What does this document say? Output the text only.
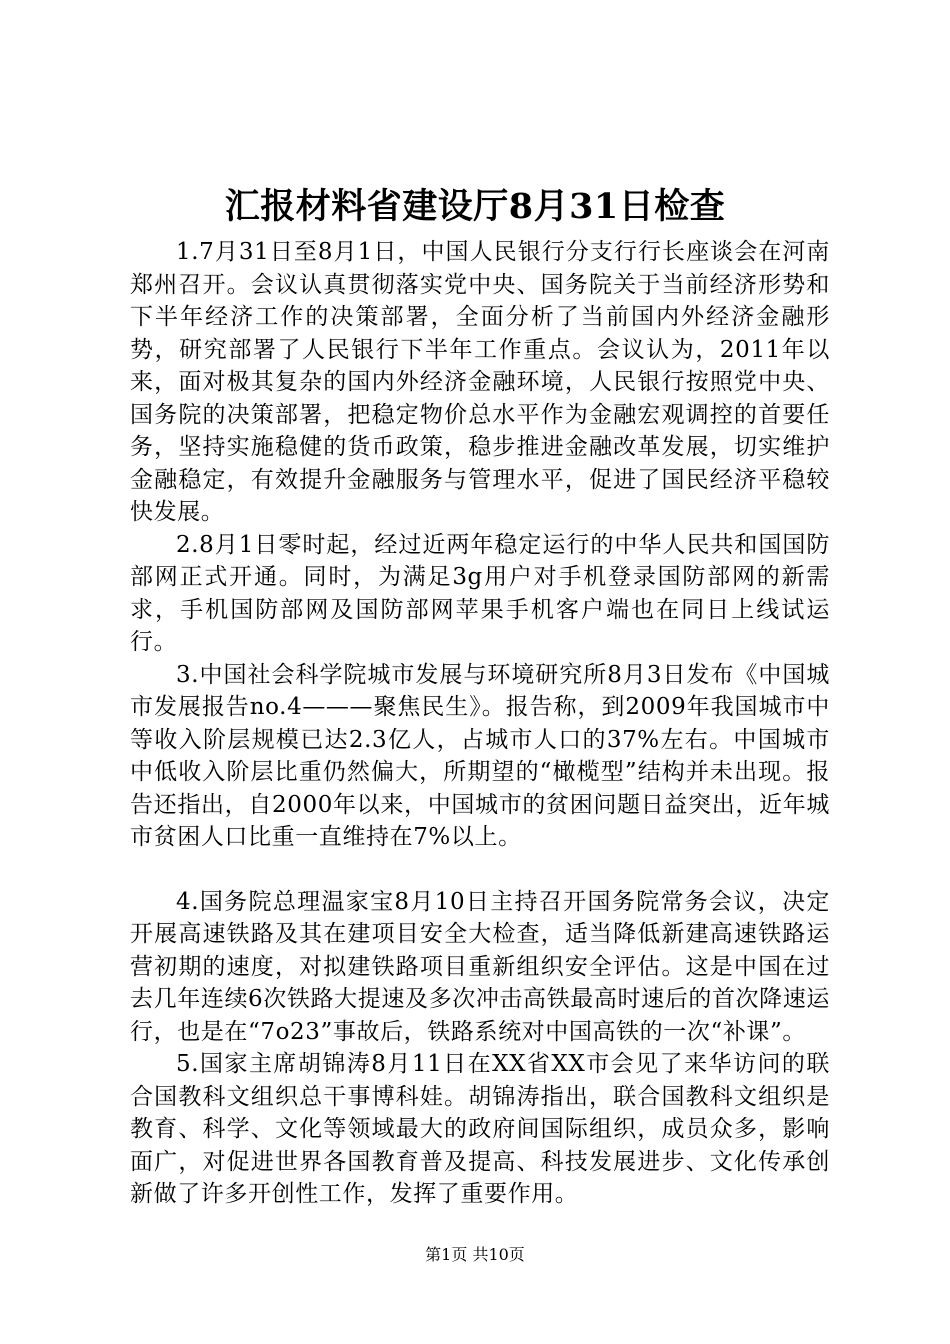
汇报材料省建设厅8月31日检查

1.7月31日至8月1日，中国人民银行分支行行长座谈会在河南郑州召开。会议认真贯彻落实党中央、国务院关于当前经济形势和下半年经济工作的决策部署，全面分析了当前国内外经济金融形势，研究部署了人民银行下半年工作重点。会议认为，2011年以来，面对极其复杂的国内外经济金融环境，人民银行按照党中央、国务院的决策部署，把稳定物价总水平作为金融宏观调控的首要任务，坚持实施稳健的货币政策，稳步推进金融改革发展，切实维护金融稳定，有效提升金融服务与管理水平，促进了国民经济平稳较快发展。

2.8月1日零时起，经过近两年稳定运行的中华人民共和国国防部网正式开通。同时，为满足3g用户对手机登录国防部网的新需求，手机国防部网及国防部网苹果手机客户端也在同日上线试运行。

3.中国社会科学院城市发展与环境研究所8月3日发布《中国城市发展报告no.4———聚焦民生》。报告称，到2009年我国城市中等收入阶层规模已达2.3亿人，占城市人口的37%左右。中国城市中低收入阶层比重仍然偏大，所期望的“橄榄型”结构并未出现。报告还指出，自2000年以来，中国城市的贫困问题日益突出，近年城市贫困人口比重一直维持在7%以上。

4.国务院总理温家宝8月10日主持召开国务院常务会议，决定开展高速铁路及其在建项目安全大检查，适当降低新建高速铁路运营初期的速度，对拟建铁路项目重新组织安全评估。这是中国在过去几年连续6次铁路大提速及多次冲击高铁最高时速后的首次降速运行，也是在“7o23”事故后，铁路系统对中国高铁的一次“补课”。

5.国家主席胡锦涛8月11日在XX省XX市会见了来华访问的联合国教科文组织总干事博科娃。胡锦涛指出，联合国教科文组织是教育、科学、文化等领域最大的政府间国际组织，成员众多，影响面广，对促进世界各国教育普及提高、科技发展进步、文化传承创新做了许多开创性工作，发挥了重要作用。

第1页 共10页
